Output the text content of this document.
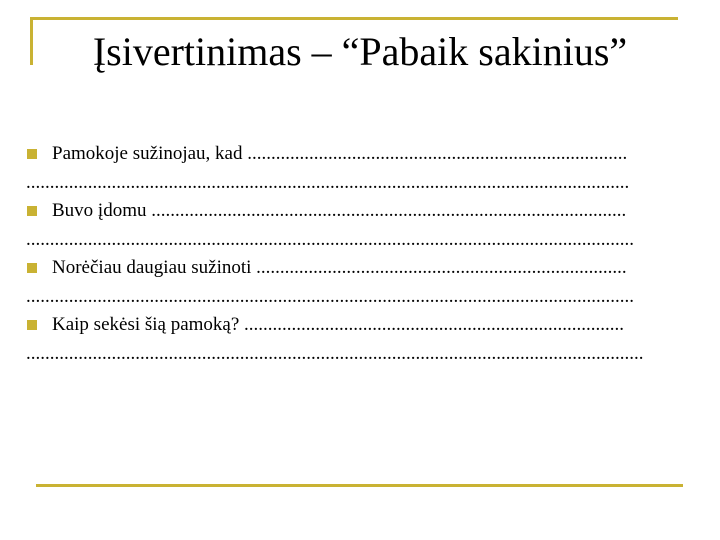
Įsivertinimas – “Pabaik sakinius”
Pamokoje sužinojau, kad ................................................................................
...............................................................................................................................
Buvo įdomu ....................................................................................................
................................................................................................................................
Norėčiau daugiau sužinoti ..............................................................................
................................................................................................................................
Kaip sekėsi šią pamoką? ................................................................................
..................................................................................................................................
